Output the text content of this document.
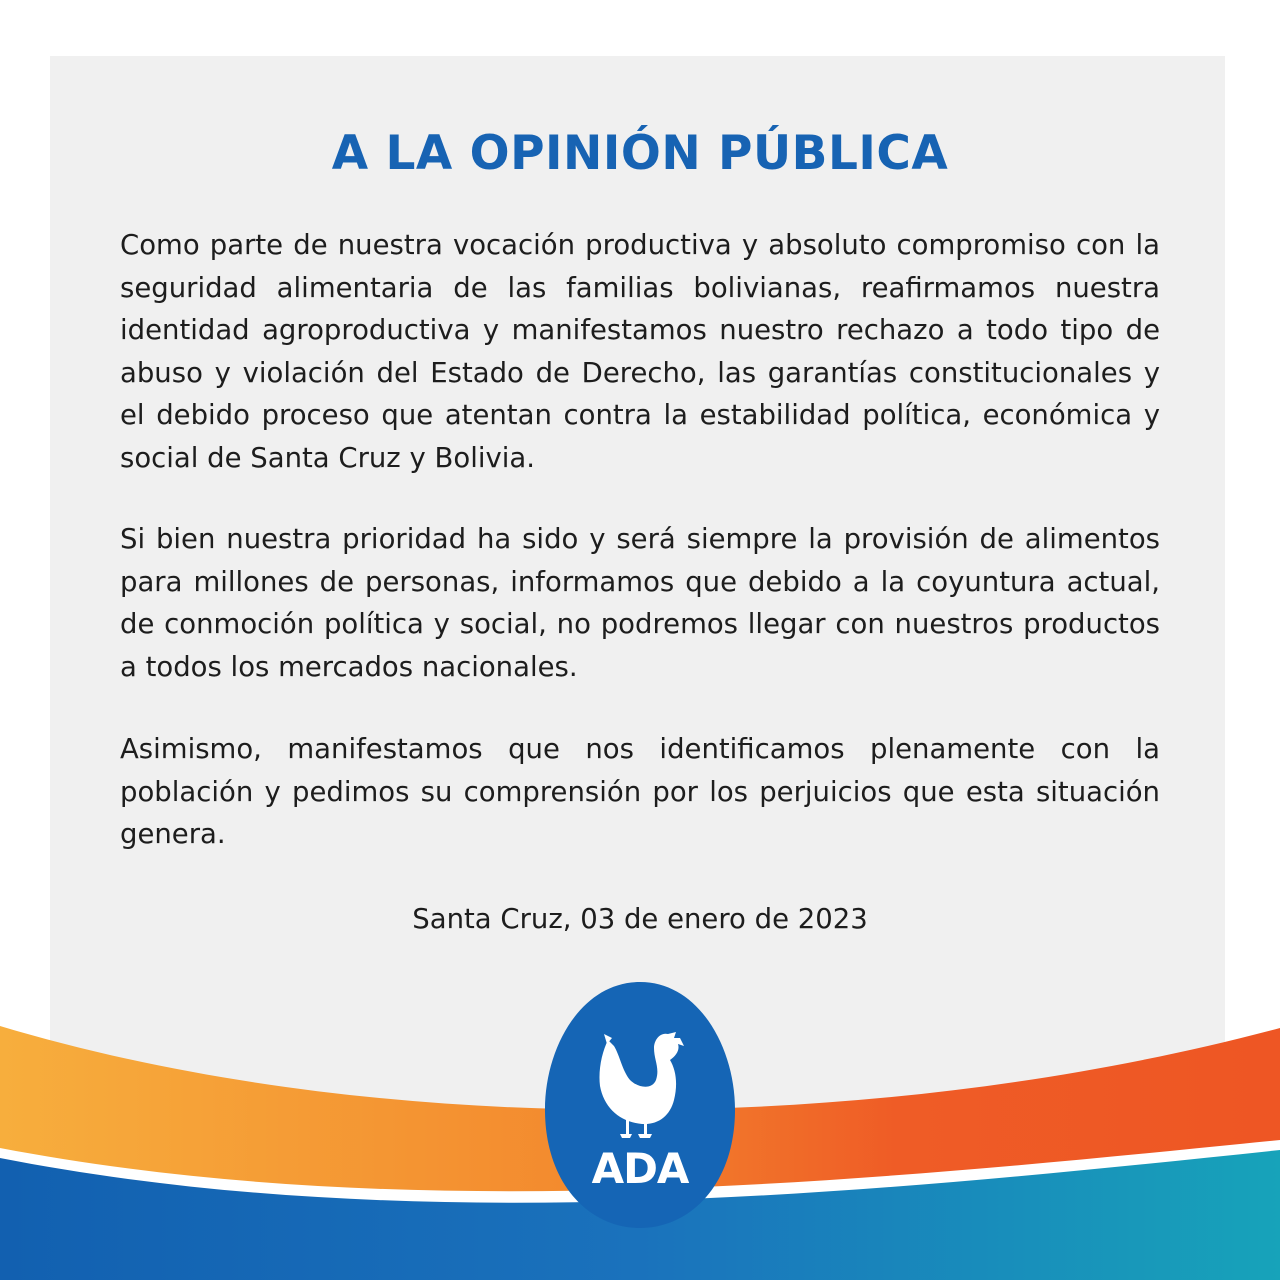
A LA OPINIÓN PÚBLICA

Como parte de nuestra vocación productiva y absoluto compromiso con la seguridad alimentaria de las familias bolivianas, reafirmamos nuestra identidad agroproductiva y manifestamos nuestro rechazo a todo tipo de abuso y violación del Estado de Derecho, las garantías constitucionales y el debido proceso que atentan contra la estabilidad política, económica y social de Santa Cruz y Bolivia.

Si bien nuestra prioridad ha sido y será siempre la provisión de alimentos para millones de personas, informamos que debido a la coyuntura actual, de conmoción política y social, no podremos llegar con nuestros productos a todos los mercados nacionales.

Asimismo, manifestamos que nos identificamos plenamente con la población y pedimos su comprensión por los perjuicios que esta situación genera.

Santa Cruz, 03 de enero de 2023

ADA
